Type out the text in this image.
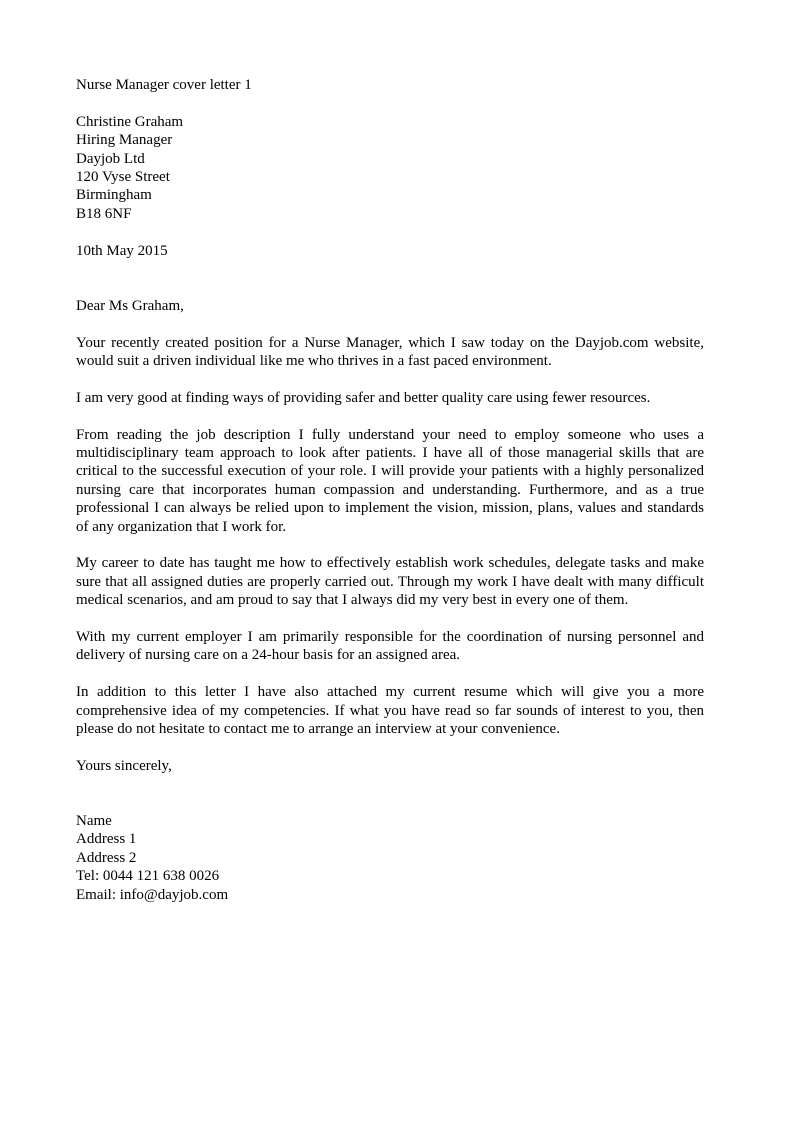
Nurse Manager cover letter 1
Christine Graham
Hiring Manager
Dayjob Ltd
120 Vyse Street
Birmingham
B18 6NF
10th May 2015
Dear Ms Graham,
Your recently created position for a Nurse Manager, which I saw today on the Dayjob.com website, would suit a driven individual like me who thrives in a fast paced environment.
I am very good at finding ways of providing safer and better quality care using fewer resources.
From reading the job description I fully understand your need to employ someone who uses a multidisciplinary team approach to look after patients. I have all of those managerial skills that are critical to the successful execution of your role. I will provide your patients with a highly personalized nursing care that incorporates human compassion and understanding. Furthermore, and as a true professional I can always be relied upon to implement the vision, mission, plans, values and standards of any organization that I work for.
My career to date has taught me how to effectively establish work schedules, delegate tasks and make sure that all assigned duties are properly carried out. Through my work I have dealt with many difficult medical scenarios, and am proud to say that I always did my very best in every one of them.
With my current employer I am primarily responsible for the coordination of nursing personnel and delivery of nursing care on a 24-hour basis for an assigned area.
In addition to this letter I have also attached my current resume which will give you a more comprehensive idea of my competencies. If what you have read so far sounds of interest to you, then please do not hesitate to contact me to arrange an interview at your convenience.
Yours sincerely,
Name
Address 1
Address 2
Tel: 0044 121 638 0026
Email: info@dayjob.com
